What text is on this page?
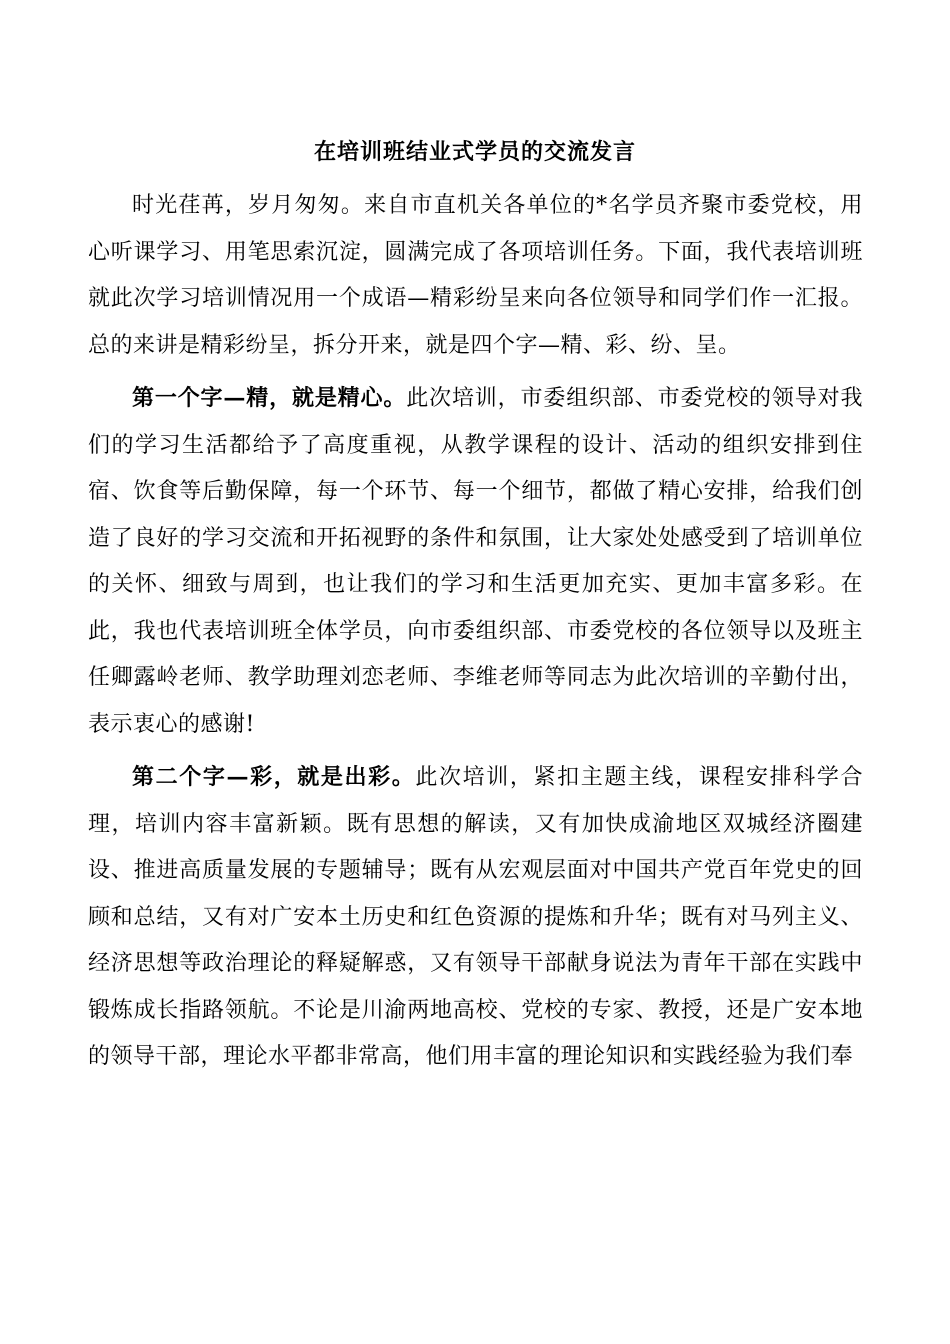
在培训班结业式学员的交流发言

时光荏苒，岁月匆匆。来自市直机关各单位的*名学员齐聚市委党校，用心听课学习、用笔思索沉淀，圆满完成了各项培训任务。下面，我代表培训班就此次学习培训情况用一个成语—精彩纷呈来向各位领导和同学们作一汇报。总的来讲是精彩纷呈，拆分开来，就是四个字—精、彩、纷、呈。

第一个字—精，就是精心。此次培训，市委组织部、市委党校的领导对我们的学习生活都给予了高度重视，从教学课程的设计、活动的组织安排到住宿、饮食等后勤保障，每一个环节、每一个细节，都做了精心安排，给我们创造了良好的学习交流和开拓视野的条件和氛围，让大家处处感受到了培训单位的关怀、细致与周到，也让我们的学习和生活更加充实、更加丰富多彩。在此，我也代表培训班全体学员，向市委组织部、市委党校的各位领导以及班主任卿露岭老师、教学助理刘恋老师、李维老师等同志为此次培训的辛勤付出，表示衷心的感谢!

第二个字—彩，就是出彩。此次培训，紧扣主题主线，课程安排科学合理，培训内容丰富新颖。既有思想的解读，又有加快成渝地区双城经济圈建设、推进高质量发展的专题辅导；既有从宏观层面对中国共产党百年党史的回顾和总结，又有对广安本土历史和红色资源的提炼和升华；既有对马列主义、经济思想等政治理论的释疑解惑，又有领导干部献身说法为青年干部在实践中锻炼成长指路领航。不论是川渝两地高校、党校的专家、教授，还是广安本地的领导干部，理论水平都非常高，他们用丰富的理论知识和实践经验为我们奉
